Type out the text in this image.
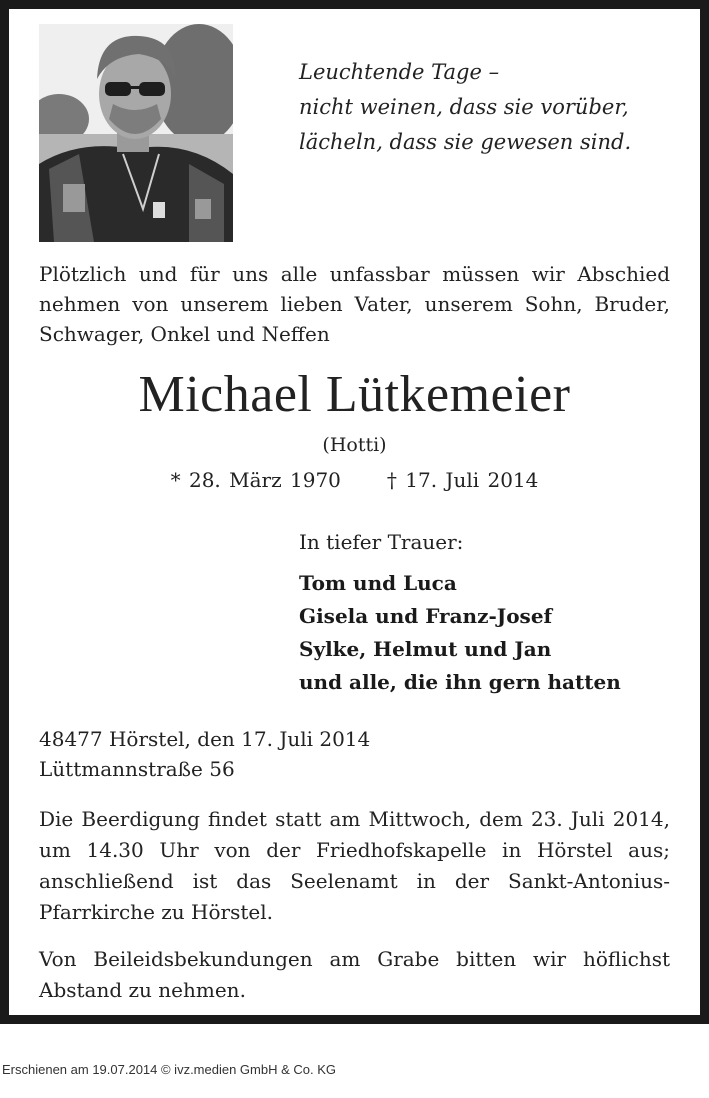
Leuchtende Tage –
nicht weinen, dass sie vorüber,
lächeln, dass sie gewesen sind.
Plötzlich und für uns alle unfassbar müssen wir Abschied
nehmen von unserem lieben Vater, unserem Sohn, Bruder,
Schwager, Onkel und Neffen
Michael Lütkemeier
(Hotti)
* 28. März 1970 † 17. Juli 2014
In tiefer Trauer:
Tom und Luca
Gisela und Franz-Josef
Sylke, Helmut und Jan
und alle, die ihn gern hatten
48477 Hörstel, den 17. Juli 2014
Lüttmannstraße 56
Die Beerdigung findet statt am Mittwoch, dem 23. Juli 2014,
um 14.30 Uhr von der Friedhofskapelle in Hörstel aus;
anschließend ist das Seelenamt in der Sankt-Antonius-
Pfarrkirche zu Hörstel.
Von Beileidsbekundungen am Grabe bitten wir höflichst
Abstand zu nehmen.
Erschienen am 19.07.2014 © ivz.medien GmbH & Co. KG
